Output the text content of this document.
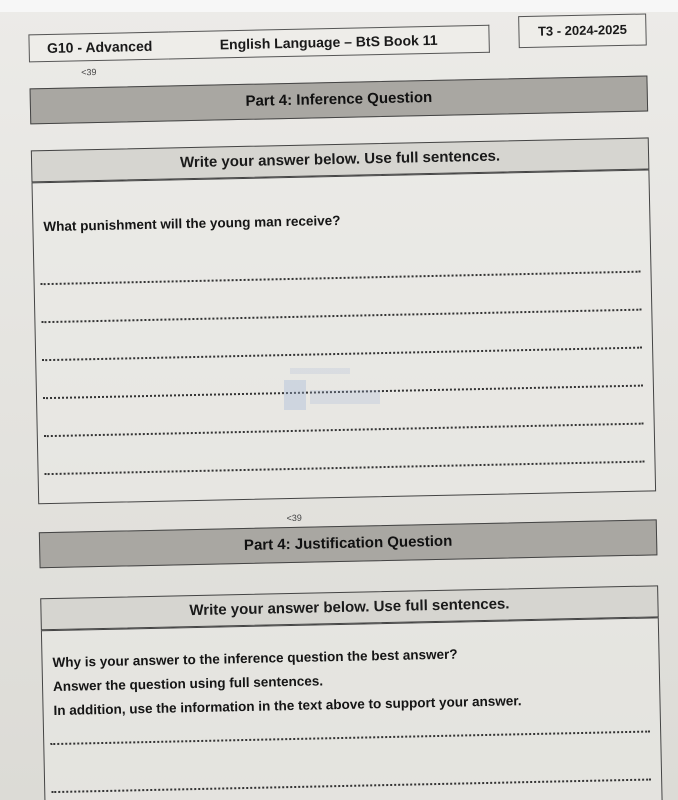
G10 - Advanced	English Language – BtS Book 11
T3 - 2024-2025
<39
Part 4: Inference Question
Write your answer below. Use full sentences.
What punishment will the young man receive?
<39
Part 4: Justification Question
Write your answer below. Use full sentences.
Why is your answer to the inference question the best answer?
Answer the question using full sentences.
In addition, use the information in the text above to support your answer.
